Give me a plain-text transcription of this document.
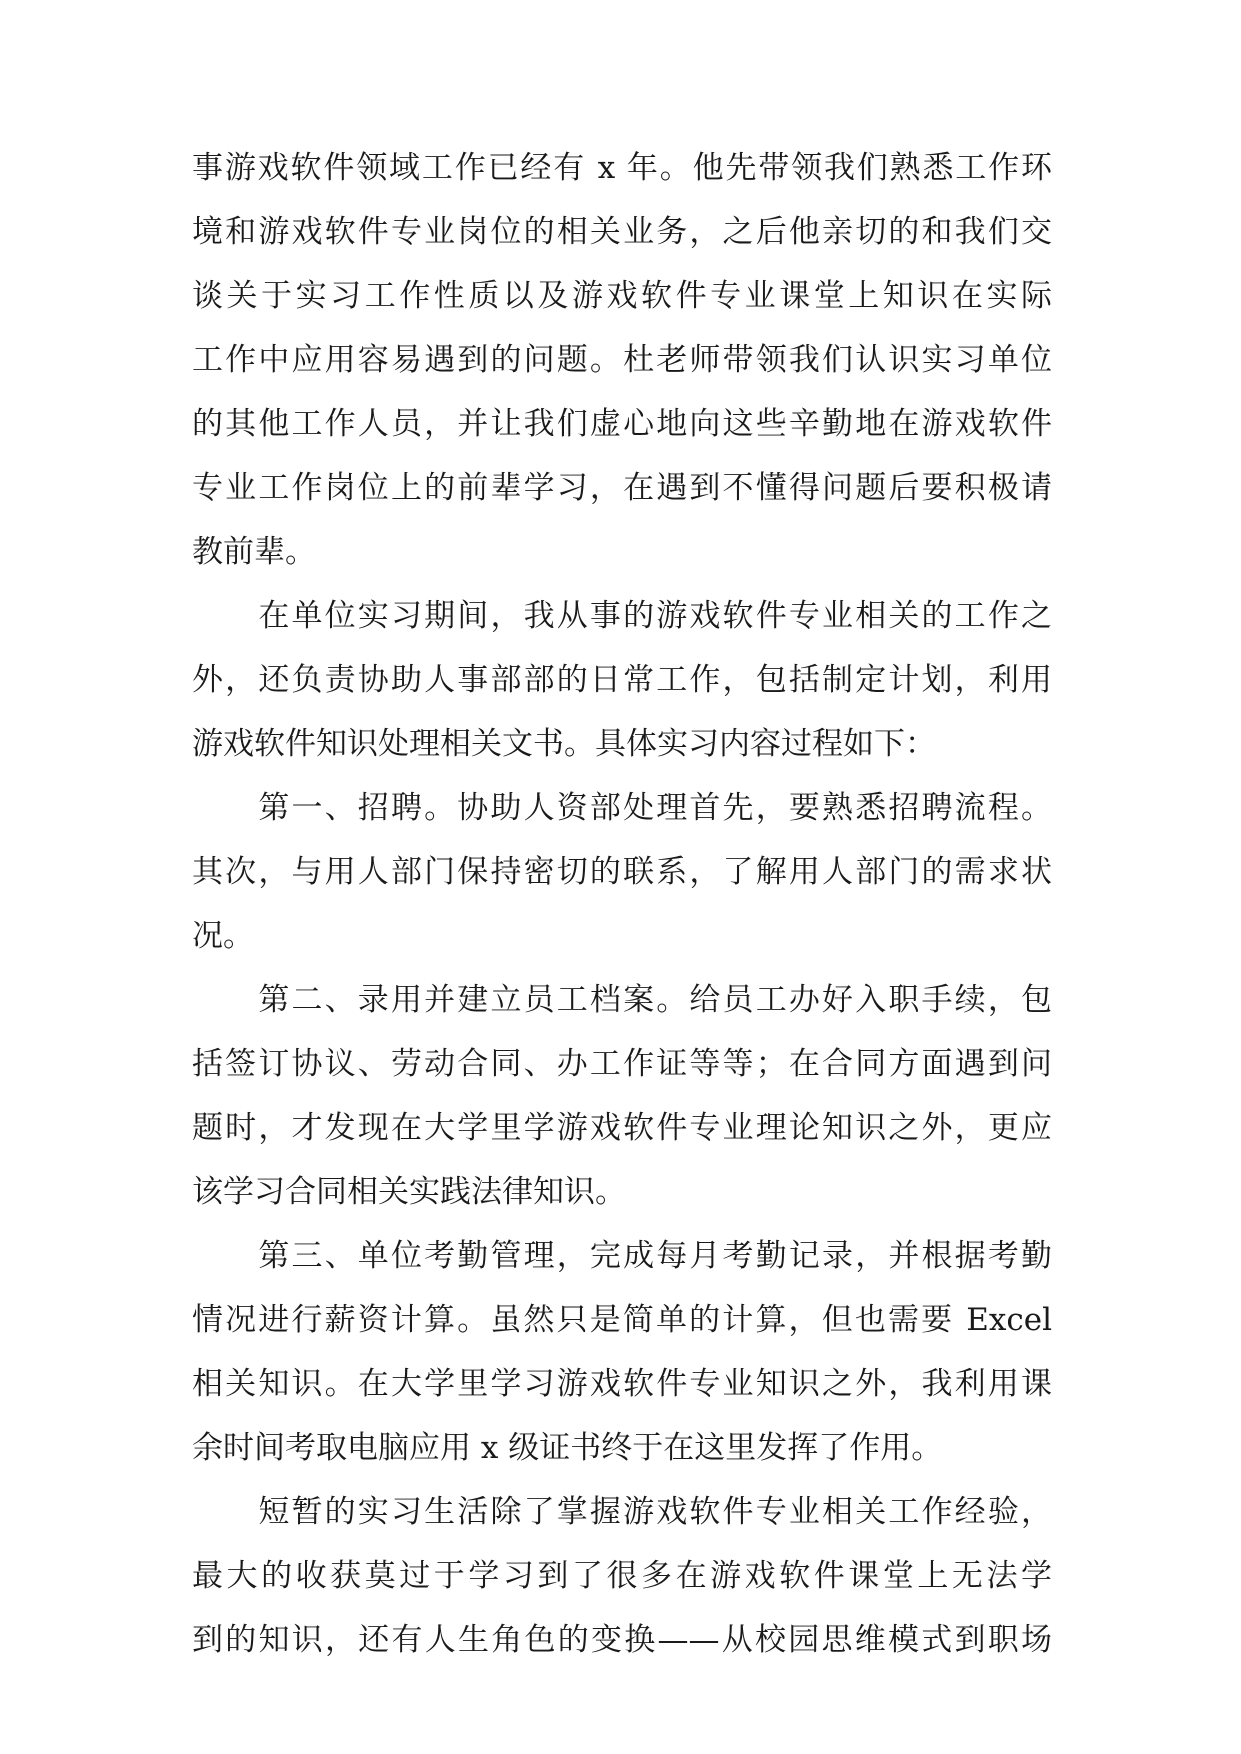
事游戏软件领域工作已经有 x 年。他先带领我们熟悉工作环
境和游戏软件专业岗位的相关业务，之后他亲切的和我们交
谈关于实习工作性质以及游戏软件专业课堂上知识在实际
工作中应用容易遇到的问题。杜老师带领我们认识实习单位
的其他工作人员，并让我们虚心地向这些辛勤地在游戏软件
专业工作岗位上的前辈学习，在遇到不懂得问题后要积极请
教前辈。
　　在单位实习期间，我从事的游戏软件专业相关的工作之
外，还负责协助人事部部的日常工作，包括制定计划，利用
游戏软件知识处理相关文书。具体实习内容过程如下：
　　第一、招聘。协助人资部处理首先，要熟悉招聘流程。
其次，与用人部门保持密切的联系，了解用人部门的需求状
况。
　　第二、录用并建立员工档案。给员工办好入职手续，包
括签订协议、劳动合同、办工作证等等；在合同方面遇到问
题时，才发现在大学里学游戏软件专业理论知识之外，更应
该学习合同相关实践法律知识。
　　第三、单位考勤管理，完成每月考勤记录，并根据考勤
情况进行薪资计算。虽然只是简单的计算，但也需要 Excel
相关知识。在大学里学习游戏软件专业知识之外，我利用课
余时间考取电脑应用 x 级证书终于在这里发挥了作用。
　　短暂的实习生活除了掌握游戏软件专业相关工作经验，
最大的收获莫过于学习到了很多在游戏软件课堂上无法学
到的知识，还有人生角色的变换——从校园思维模式到职场
